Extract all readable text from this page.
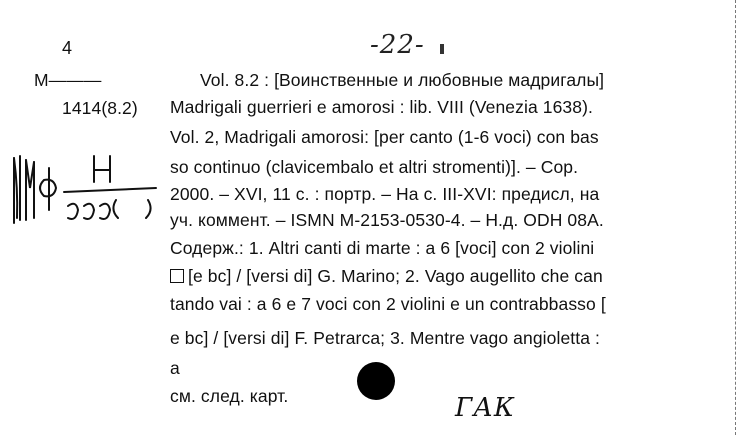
-22-
4
M———
1414(8.2)
Vol. 8.2 : [Воинственные и любовные мадригалы]
Madrigali guerrieri e amorosi : lib. VIII (Venezia 1638).
Vol. 2, Madrigali amorosi: [per canto (1-6 voci) con bas
so continuo (clavicembalo et altri stromenti)]. – Cop.
2000. – XVI, 11 c. : портр. – На с. III-XVI: предисл, на
уч. коммент. – ISMN M-2153-0530-4. – Н.д. ODH 08A.
Содерж.: 1. Altri canti di marte : a 6 [voci] con 2 violini
[e bc] / [versi di] G. Marino; 2. Vago augellito che can
tando vai : a 6 e 7 voci con 2 violini e un contrabbasso [
e bc] / [versi di] F. Petrarca; 3. Mentre vago angioletta :
a
см. след. карт.	ГАК
